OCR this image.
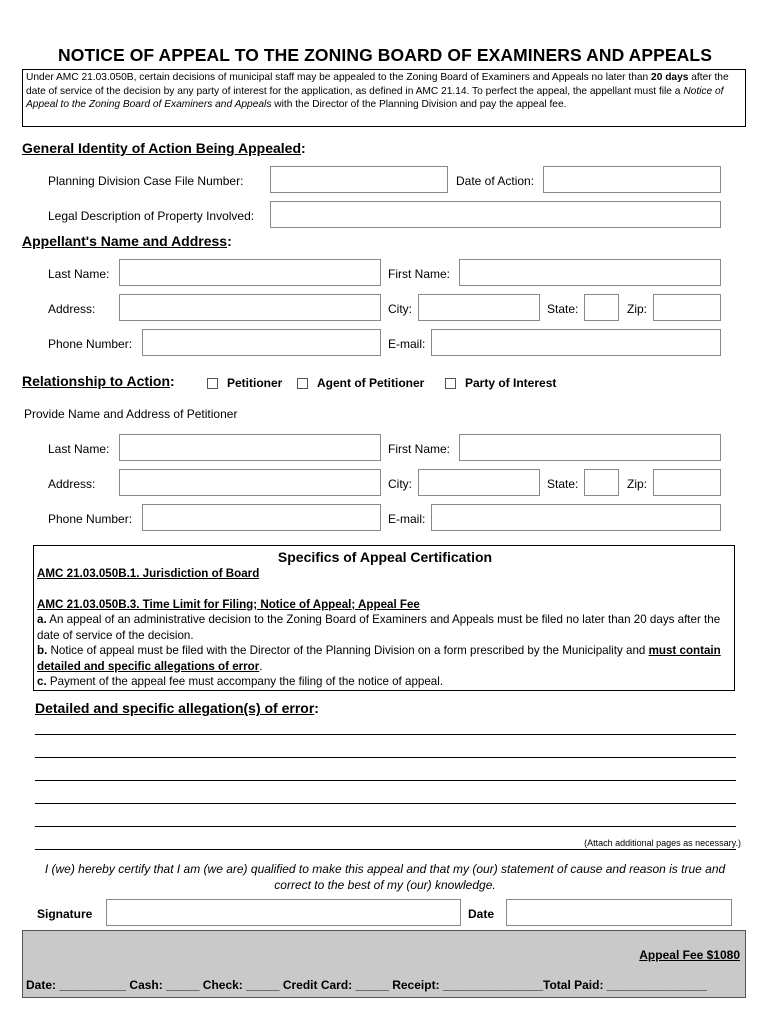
NOTICE OF APPEAL TO THE ZONING BOARD OF EXAMINERS AND APPEALS
Under AMC 21.03.050B, certain decisions of municipal staff may be appealed to the Zoning Board of Examiners and Appeals no later than 20 days after the date of service of the decision by any party of interest for the application, as defined in AMC 21.14. To perfect the appeal, the appellant must file a Notice of Appeal to the Zoning Board of Examiners and Appeals with the Director of the Planning Division and pay the appeal fee.
General Identity of Action Being Appealed:
Planning Division Case File Number:	Date of Action:
Legal Description of Property Involved:
Appellant's Name and Address:
Last Name:	First Name:
Address:	City:	State:	Zip:
Phone Number:	E-mail:
Relationship to Action:	Petitioner	Agent of Petitioner	Party of Interest
Provide Name and Address of Petitioner
Last Name:	First Name:
Address:	City:	State:	Zip:
Phone Number:	E-mail:
Specifics of Appeal Certification
AMC 21.03.050B.1. Jurisdiction of Board
AMC 21.03.050B.3. Time Limit for Filing; Notice of Appeal; Appeal Fee
a. An appeal of an administrative decision to the Zoning Board of Examiners and Appeals must be filed no later than 20 days after the date of service of the decision.
b. Notice of appeal must be filed with the Director of the Planning Division on a form prescribed by the Municipality and must contain detailed and specific allegations of error.
c. Payment of the appeal fee must accompany the filing of the notice of appeal.
Detailed and specific allegation(s) of error:
(Attach additional pages as necessary.)
I (we) hereby certify that I am (we are) qualified to make this appeal and that my (our) statement of cause and reason is true and correct to the best of my (our) knowledge.
Signature	Date
Appeal Fee $1080
Date: __________ Cash: _____ Check: _____ Credit Card: _____ Receipt: _______________Total Paid: _______________
